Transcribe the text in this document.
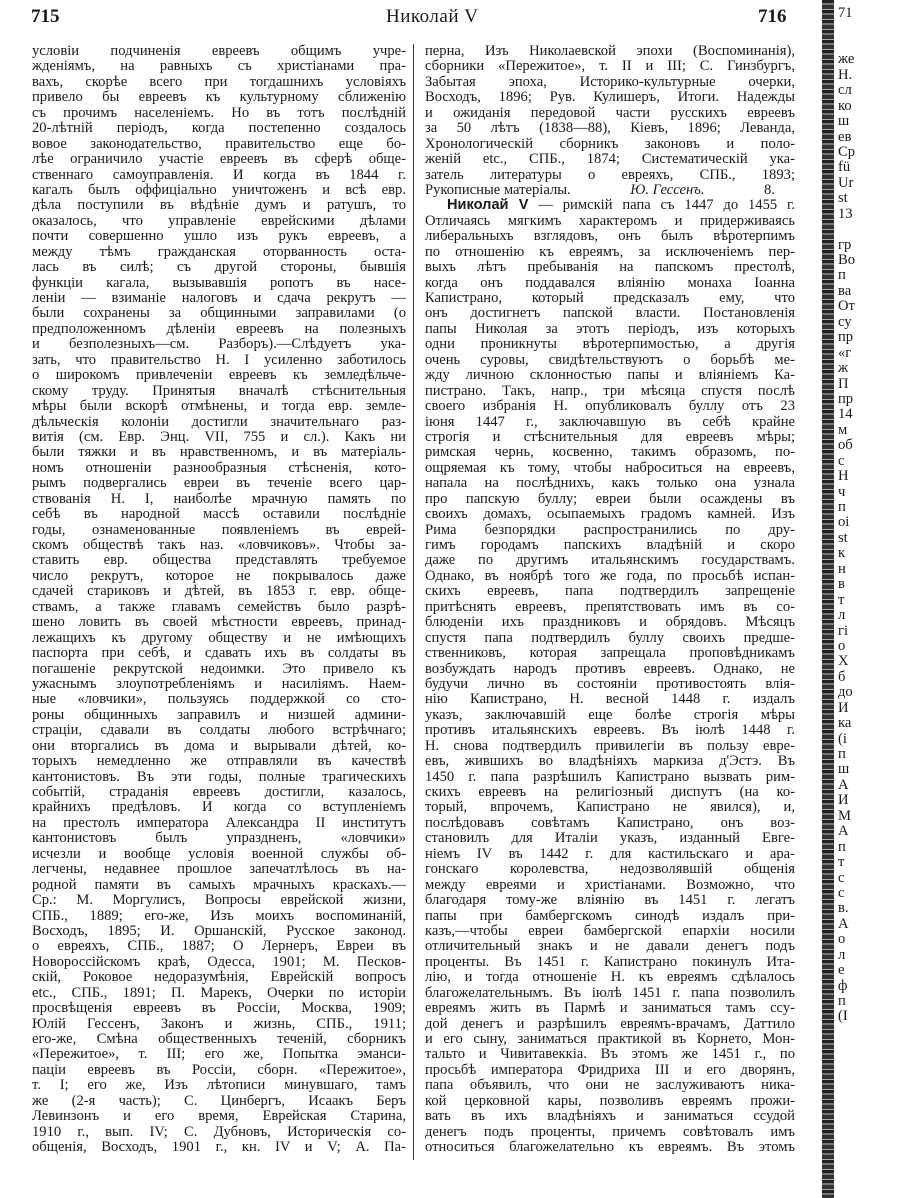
715	Николай V	716
условіи подчиненія евреевъ общимъ учре-
жденіямъ, на равныхъ съ христіанами пра-
вахъ, скорѣе всего при тогдашнихъ условіяхъ
привело бы евреевъ къ культурному сближенію
съ прочимъ населеніемъ. Но въ тотъ послѣдній
20-лѣтній періодъ, когда постепенно создалось
вовое законодательство, правительство еще бо-
лѣе ограничило участіе евреевъ въ сферѣ обще-
ственнаго самоуправленія. И когда въ 1844 г.
кагалъ былъ оффиціально уничтоженъ и всѣ евр.
дѣла поступили въ вѣдѣніе думъ и ратушъ, то
оказалось, что управленіе еврейскими дѣлами
почти совершенно ушло изъ рукъ евреевъ, а
между тѣмъ гражданская оторванность оста-
лась въ силѣ; съ другой стороны, бывшія
функціи кагала, вызывавшія ропотъ въ насе-
леніи — взиманіе налоговъ и сдача рекрутъ —
были сохранены за общинными заправилами (о
предположенномъ дѣленіи евреевъ на полезныхъ
и безполезныхъ—см. Разборъ).—Слѣдуетъ ука-
зать, что правительство Н. I усиленно заботилось
о широкомъ привлеченіи евреевъ къ земледѣльче-
скому труду. Принятыя вначалѣ стѣснительныя
мѣры были вскорѣ отмѣнены, и тогда евр. земле-
дѣльческія колоніи достигли значительнаго раз-
витія (см. Евр. Энц. VII, 755 и сл.). Какъ ни
были тяжки и въ нравственномъ, и въ матеріаль-
номъ отношеніи разнообразныя стѣсненія, кото-
рымъ подвергались евреи въ теченіе всего цар-
ствованія Н. I, наиболѣе мрачную память по
себѣ въ народной массѣ оставили послѣдніе
годы, ознаменованные появленіемъ въ еврей-
скомъ обществѣ такъ наз. «ловчиковъ». Чтобы за-
ставить евр. общества представлять требуемое
число рекрутъ, которое не покрывалось даже
сдачей стариковъ и дѣтей, въ 1853 г. евр. обще-
ствамъ, а также главамъ семействъ было разрѣ-
шено ловить въ своей мѣстности евреевъ, принад-
лежащихъ къ другому обществу и не имѣющихъ
паспорта при себѣ, и сдавать ихъ въ солдаты въ
погашеніе рекрутской недоимки. Это привело къ
ужаснымъ злоупотребленіямъ и насиліямъ. Наем-
ные «ловчики», пользуясь поддержкой со сто-
роны общинныхъ заправилъ и низшей админи-
страціи, сдавали въ солдаты любого встрѣчнаго;
они вторгались въ дома и вырывали дѣтей, ко-
торыхъ немедленно же отправляли въ качествѣ
кантонистовъ. Въ эти годы, полные трагическихъ
событій, страданія евреевъ достигли, казалось,
крайнихъ предѣловъ. И когда со вступленіемъ
на престолъ императора Александра II институтъ
кантонистовъ былъ упраздненъ, «ловчики»
исчезли и вообще условія военной службы об-
легчены, недавнее прошлое запечатлѣлось въ на-
родной памяти въ самыхъ мрачныхъ краскахъ.—
Ср.: М. Моргулисъ, Вопросы еврейской жизни,
СПБ., 1889; его-же, Изъ моихъ воспоминаній,
Восходъ, 1895; И. Оршанскій, Русское законод.
о евреяхъ, СПБ., 1887; О Лернеръ, Евреи въ
Новороссійскомъ краѣ, Одесса, 1901; М. Песков-
скій, Роковое недоразумѣнія, Еврейскій вопросъ
etc., СПБ., 1891; П. Марекъ, Очерки по исторіи
просвѣщенія евреевъ въ Россіи, Москва, 1909;
Юлій Гессенъ, Законъ и жизнь, СПБ., 1911;
его-же, Смѣна общественныхъ теченій, сборникъ
«Пережитое», т. III; его же, Попытка эманси-
паціи евреевъ въ Россіи, сборн. «Пережитое»,
т. I; его же, Изъ лѣтописи минувшаго, тамъ
же (2-я часть); С. Цинбергъ, Исаакъ Беръ
Левинзонъ и его время, Еврейская Старина,
1910 г., вып. IV; С. Дубновъ, Историческія со-
общенія, Восходъ, 1901 г., кн. IV и V; А. Па-
перна, Изъ Николаевской эпохи (Воспоминанія),
сборники «Пережитое», т. II и III; С. Гинзбургъ,
Забытая эпоха, Историко-культурные очерки,
Восходъ, 1896; Рув. Кулишеръ, Итоги. Надежды
и ожиданія передовой части русскихъ евреевъ
за 50 лѣтъ (1838—88), Кіевъ, 1896; Леванда,
Хронологическій сборникъ законовъ и поло-
женій etc., СПБ., 1874; Систематическій ука-
затель литературы о евреяхъ, СПБ., 1893;
Рукописные матеріалы.	Ю. Гессенъ.	8.
Николай V — римскій папа съ 1447 до 1455 г.
Отличаясь мягкимъ характеромъ и придерживаясь
либеральныхъ взглядовъ, онъ былъ вѣротерпимъ
по отношенію къ евреямъ, за исключеніемъ пер-
выхъ лѣтъ пребыванія на папскомъ престолѣ,
когда онъ поддавался вліянію монаха Іоанна
Капистрано, который предсказалъ ему, что
онъ достигнетъ папской власти. Постановленія
папы Николая за этотъ періодъ, изъ которыхъ
одни проникнуты вѣротерпимостью, а другія
очень суровы, свидѣтельствуютъ о борьбѣ ме-
жду личною склонностью папы и вліяніемъ Ка-
пистрано. Такъ, напр., три мѣсяца спустя послѣ
своего избранія Н. опубликовалъ буллу отъ 23
іюня 1447 г., заключавшую въ себѣ крайне
строгія и стѣснительныя для евреевъ мѣры;
римская чернь, косвенно, такимъ образомъ, по-
ощряемая къ тому, чтобы наброситься на евреевъ,
напала на послѣднихъ, какъ только она узнала
про папскую буллу; евреи были осаждены въ
своихъ домахъ, осыпаемыхъ градомъ камней. Изъ
Рима безпорядки распространились по дру-
гимъ городамъ папскихъ владѣній и скоро
даже по другимъ итальянскимъ государствамъ.
Однако, въ ноябрѣ того же года, по просьбѣ испан-
скихъ евреевъ, папа подтвердилъ запрещеніе
притѣснять евреевъ, препятствовать имъ въ со-
блюденіи ихъ праздниковъ и обрядовъ. Мѣсяцъ
спустя папа подтвердилъ буллу своихъ предше-
ственниковъ, которая запрещала проповѣдникамъ
возбуждать народъ противъ евреевъ. Однако, не
будучи лично въ состояніи противостоять влія-
нію Капистрано, Н. весной 1448 г. издалъ
указъ, заключавшій еще болѣе строгія мѣры
противъ итальянскихъ евреевъ. Въ іюлѣ 1448 г.
Н. снова подтвердилъ привилегіи въ пользу евре-
евъ, жившихъ во владѣніяхъ маркиза д'Эстэ. Въ
1450 г. папа разрѣшилъ Капистрано вызвать рим-
скихъ евреевъ на религіозный диспутъ (на ко-
торый, впрочемъ, Капистрано не явился), и,
послѣдовавъ совѣтамъ Капистрано, онъ воз-
становилъ для Италіи указъ, изданный Евге-
ніемъ IV въ 1442 г. для кастильскаго и ара-
гонскаго королевства, недозволявшій общенія
между евреями и христіанами. Возможно, что
благодаря тому-же вліянію въ 1451 г. легатъ
папы при бамбергскомъ синодѣ издалъ при-
казъ,—чтобы евреи бамбергской епархіи носили
отличительный знакъ и не давали денегъ подъ
проценты. Въ 1451 г. Капистрано покинулъ Ита-
лію, и тогда отношеніе Н. къ евреямъ сдѣлалось
благожелательнымъ. Въ іюлѣ 1451 г. папа позволилъ
евреямъ жить въ Пармѣ и заниматься тамъ ссу-
дой денегъ и разрѣшилъ евреямъ-врачамъ, Даттило
и его сыну, заниматься практикой въ Корнето, Мон-
тальто и Чивитавеккіа. Въ этомъ же 1451 г., по
просьбѣ императора Фридриха III и его дворянъ,
папа объявилъ, что они не заслуживаютъ ника-
кой церковной кары, позволивъ евреямъ прожи-
вать въ ихъ владѣніяхъ и заниматься ссудой
денегъ подъ проценты, причемъ совѣтовалъ имъ
относиться благожелательно къ евреямъ. Въ этомъ
71
же
Н.
сл
ко
ш
ев
Ср
fü
Ur
st
13
гр
Во
п
ва
От
су
пр
«г
ж
П
пр
14
м
об
с
Н
ч
п
оі
st
к
н
в
т
л
гі
о
Х
б
до
И
ка
(і
п
ш
А
И
М
А
п
т
с
с
в.
А
о
л
е
ф
п
(І
